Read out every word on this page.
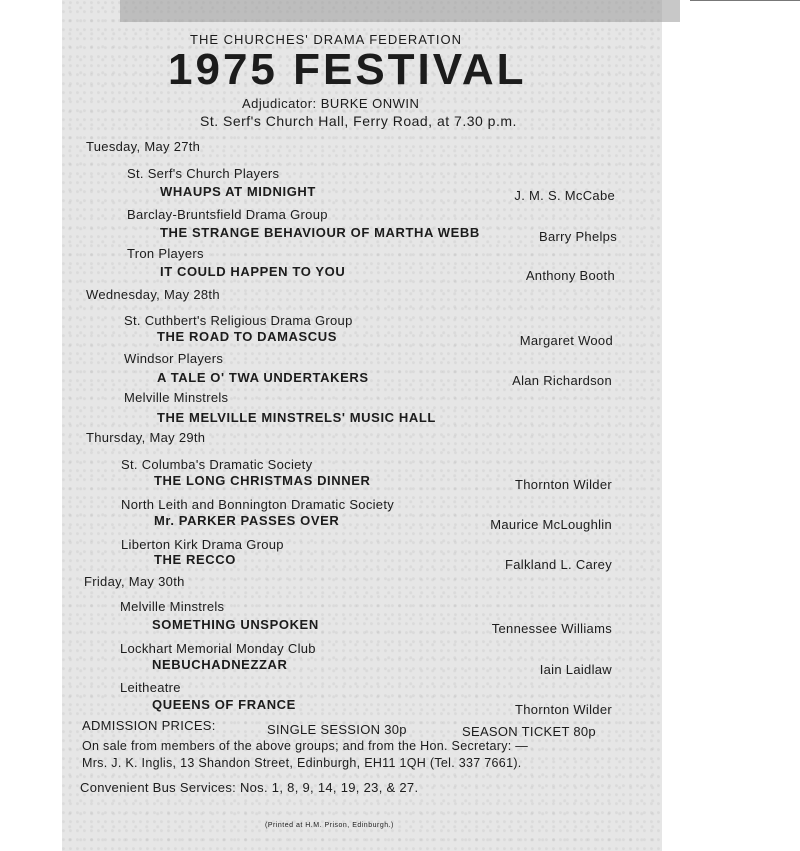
THE CHURCHES' DRAMA FEDERATION
1975 FESTIVAL
Adjudicator: BURKE ONWIN
St. Serf's Church Hall, Ferry Road, at 7.30 p.m.
Tuesday, May 27th
St. Serf's Church Players
WHAUPS AT MIDNIGHT	J. M. S. McCabe
Barclay-Bruntsfield Drama Group
THE STRANGE BEHAVIOUR OF MARTHA WEBB	Barry Phelps
Tron Players
IT COULD HAPPEN TO YOU	Anthony Booth
Wednesday, May 28th
St. Cuthbert's Religious Drama Group
THE ROAD TO DAMASCUS	Margaret Wood
Windsor Players
A TALE O' TWA UNDERTAKERS	Alan Richardson
Melville Minstrels
THE MELVILLE MINSTRELS' MUSIC HALL
Thursday, May 29th
St. Columba's Dramatic Society
THE LONG CHRISTMAS DINNER	Thornton Wilder
North Leith and Bonnington Dramatic Society
Mr. PARKER PASSES OVER	Maurice McLoughlin
Liberton Kirk Drama Group
THE RECCO	Falkland L. Carey
Friday, May 30th
Melville Minstrels
SOMETHING UNSPOKEN	Tennessee Williams
Lockhart Memorial Monday Club
NEBUCHADNEZZAR	Iain Laidlaw
Leitheatre
QUEENS OF FRANCE	Thornton Wilder
ADMISSION PRICES:	SINGLE SESSION 30p	SEASON TICKET 80p
On sale from members of the above groups; and from the Hon. Secretary: —
Mrs. J. K. Inglis, 13 Shandon Street, Edinburgh, EH11 1QH (Tel. 337 7661).
Convenient Bus Services: Nos. 1, 8, 9, 14, 19, 23, & 27.
(Printed at H.M. Prison, Edinburgh.)
